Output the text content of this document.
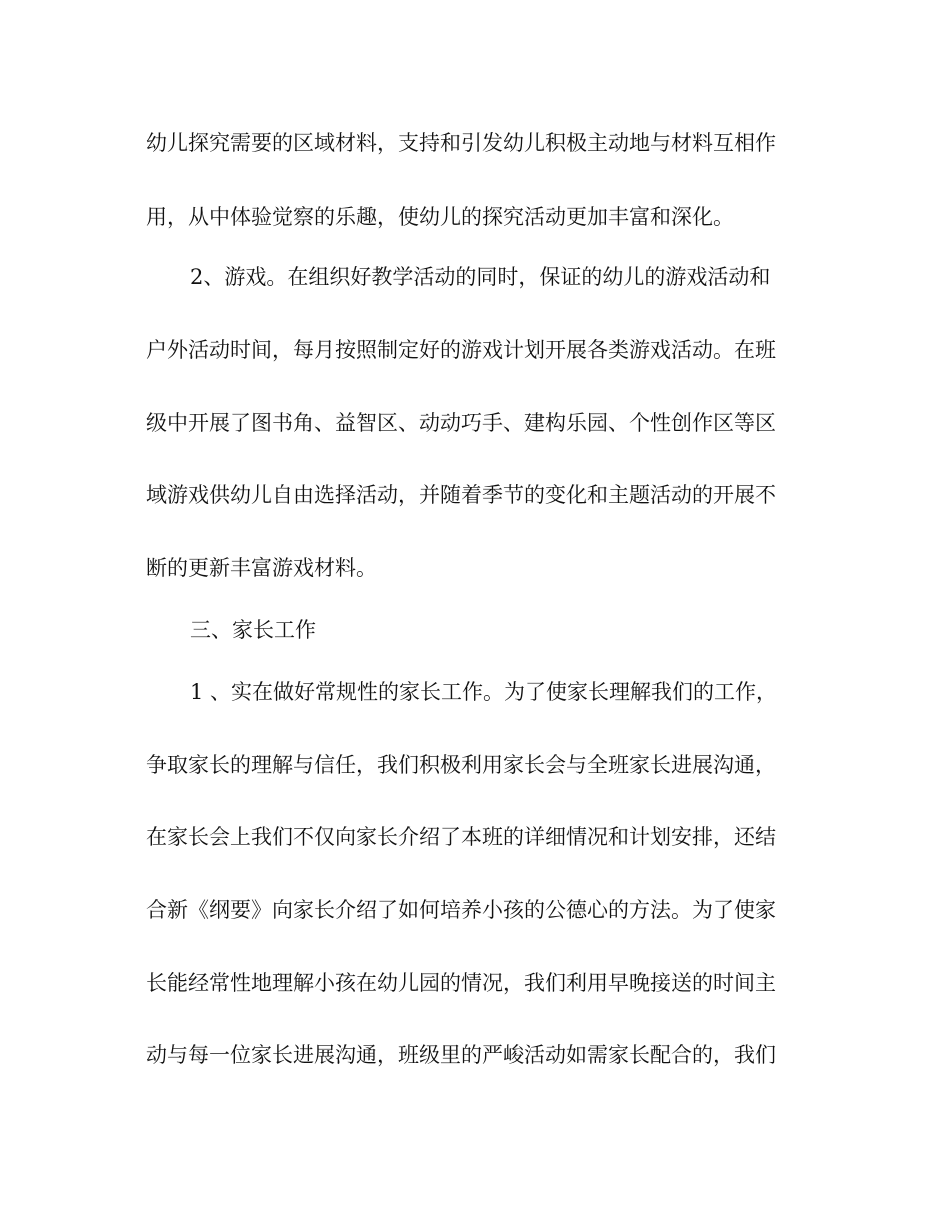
幼儿探究需要的区域材料，支持和引发幼儿积极主动地与材料互相作
用，从中体验觉察的乐趣，使幼儿的探究活动更加丰富和深化。
2、游戏。在组织好教学活动的同时，保证的幼儿的游戏活动和
户外活动时间，每月按照制定好的游戏计划开展各类游戏活动。在班
级中开展了图书角、益智区、动动巧手、建构乐园、个性创作区等区
域游戏供幼儿自由选择活动，并随着季节的变化和主题活动的开展不
断的更新丰富游戏材料。
三、家长工作
1 、实在做好常规性的家长工作。为了使家长理解我们的工作，
争取家长的理解与信任，我们积极利用家长会与全班家长进展沟通，
在家长会上我们不仅向家长介绍了本班的详细情况和计划安排，还结
合新《纲要》向家长介绍了如何培养小孩的公德心的方法。为了使家
长能经常性地理解小孩在幼儿园的情况，我们利用早晚接送的时间主
动与每一位家长进展沟通，班级里的严峻活动如需家长配合的，我们
